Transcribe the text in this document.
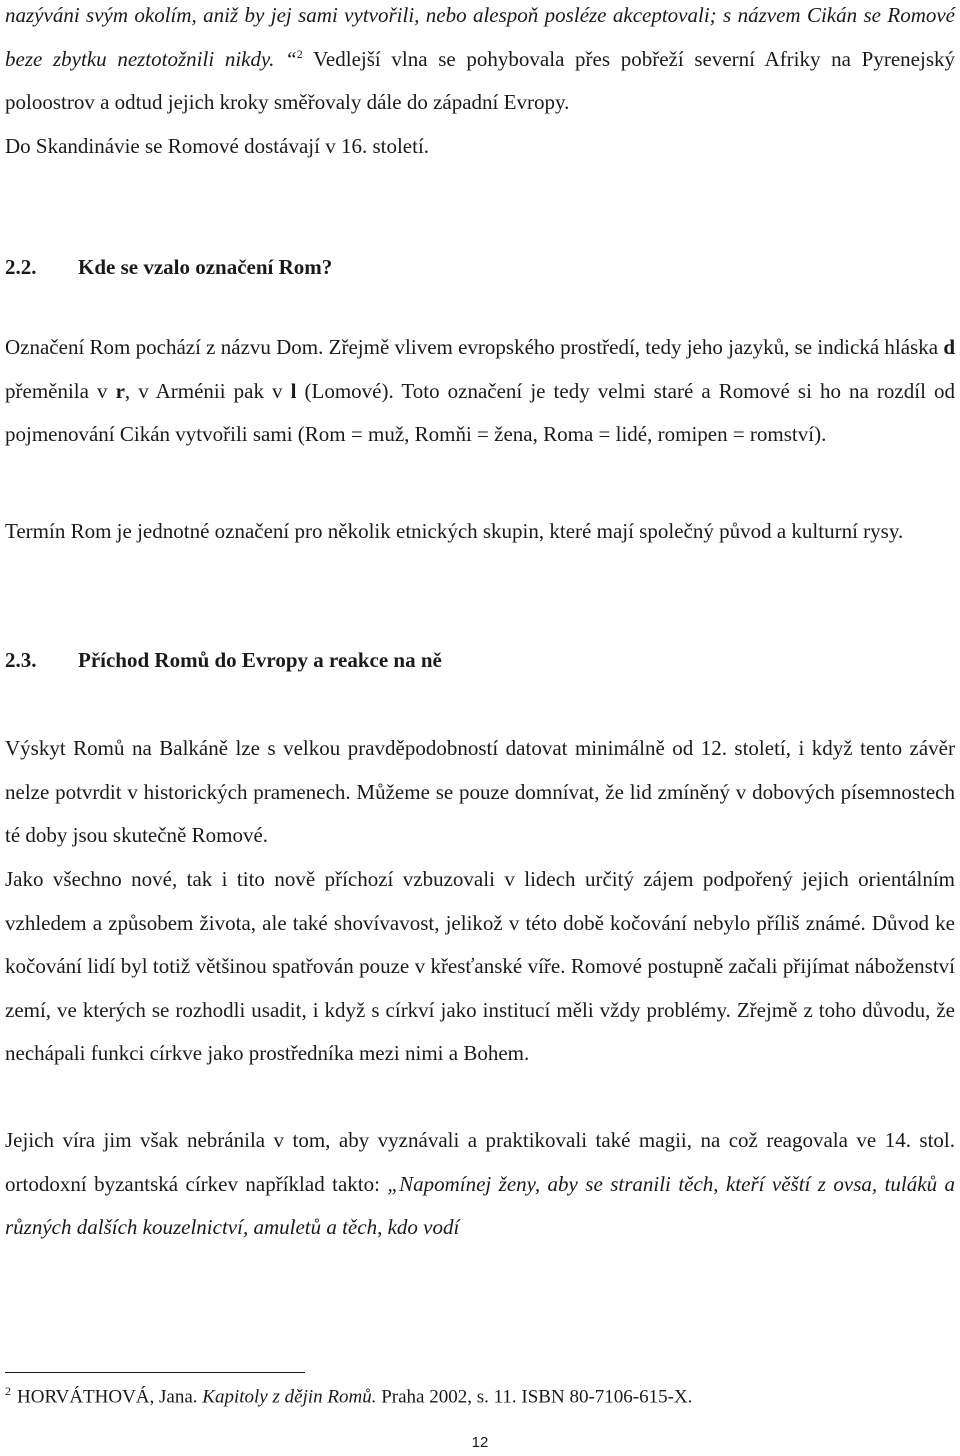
nazýváni svým okolím, aniž by jej sami vytvořili, nebo alespoň posléze akceptovali; s názvem Cikán se Romové beze zbytku neztotožnili nikdy. “$^2$ Vedlejší vlna se pohybovala přes pobřeží severní Afriky na Pyrenejský poloostrov a odtud jejich kroky směřovaly dále do západní Evropy.
Do Skandinávie se Romové dostávají v 16. století.
2.2. Kde se vzalo označení Rom?
Označení Rom pochází z názvu Dom. Zřejmě vlivem evropského prostředí, tedy jeho jazyků, se indická hláska d přeměnila v r, v Arménii pak v l (Lomové). Toto označení je tedy velmi staré a Romové si ho na rozdíl od pojmenování Cikán vytvořili sami (Rom = muž, Romňi = žena, Roma = lidé, romipen = romství).
Termín Rom je jednotné označení pro několik etnických skupin, které mají společný původ a kulturní rysy.
2.3. Příchod Romů do Evropy a reakce na ně
Výskyt Romů na Balkáně lze s velkou pravděpodobností datovat minimálně od 12. století, i když tento závěr nelze potvrdit v historických pramenech. Můžeme se pouze domnívat, že lid zmíněný v dobových písemnostech té doby jsou skutečně Romové.
Jako všechno nové, tak i tito nově příchozí vzbuzovali v lidech určitý zájem podpořený jejich orientálním vzhledem a způsobem života, ale také shovívavost, jelikož v této době kočování nebylo příliš známé. Důvod ke kočování lidí byl totiž většinou spatřován pouze v křesťanské víře. Romové postupně začali přijímat náboženství zemí, ve kterých se rozhodli usadit, i když s církví jako institucí měli vždy problémy. Zřejmě z toho důvodu, že nechápali funkci církve jako prostředníka mezi nimi a Bohem.
Jejich víra jim však nebránila v tom, aby vyznávali a praktikovali také magii, na což reagovala ve 14. stol. ortodoxní byzantská církev například takto: „Napomínej ženy, aby se stranili těch, kteří věští z ovsa, tuláků a různých dalších kouzelnictví, amuletů a těch, kdo vodí
$^2$ HORVÁTHOVÁ, Jana. Kapitoly z dějin Romů. Praha 2002, s. 11. ISBN 80-7106-615-X.
12
